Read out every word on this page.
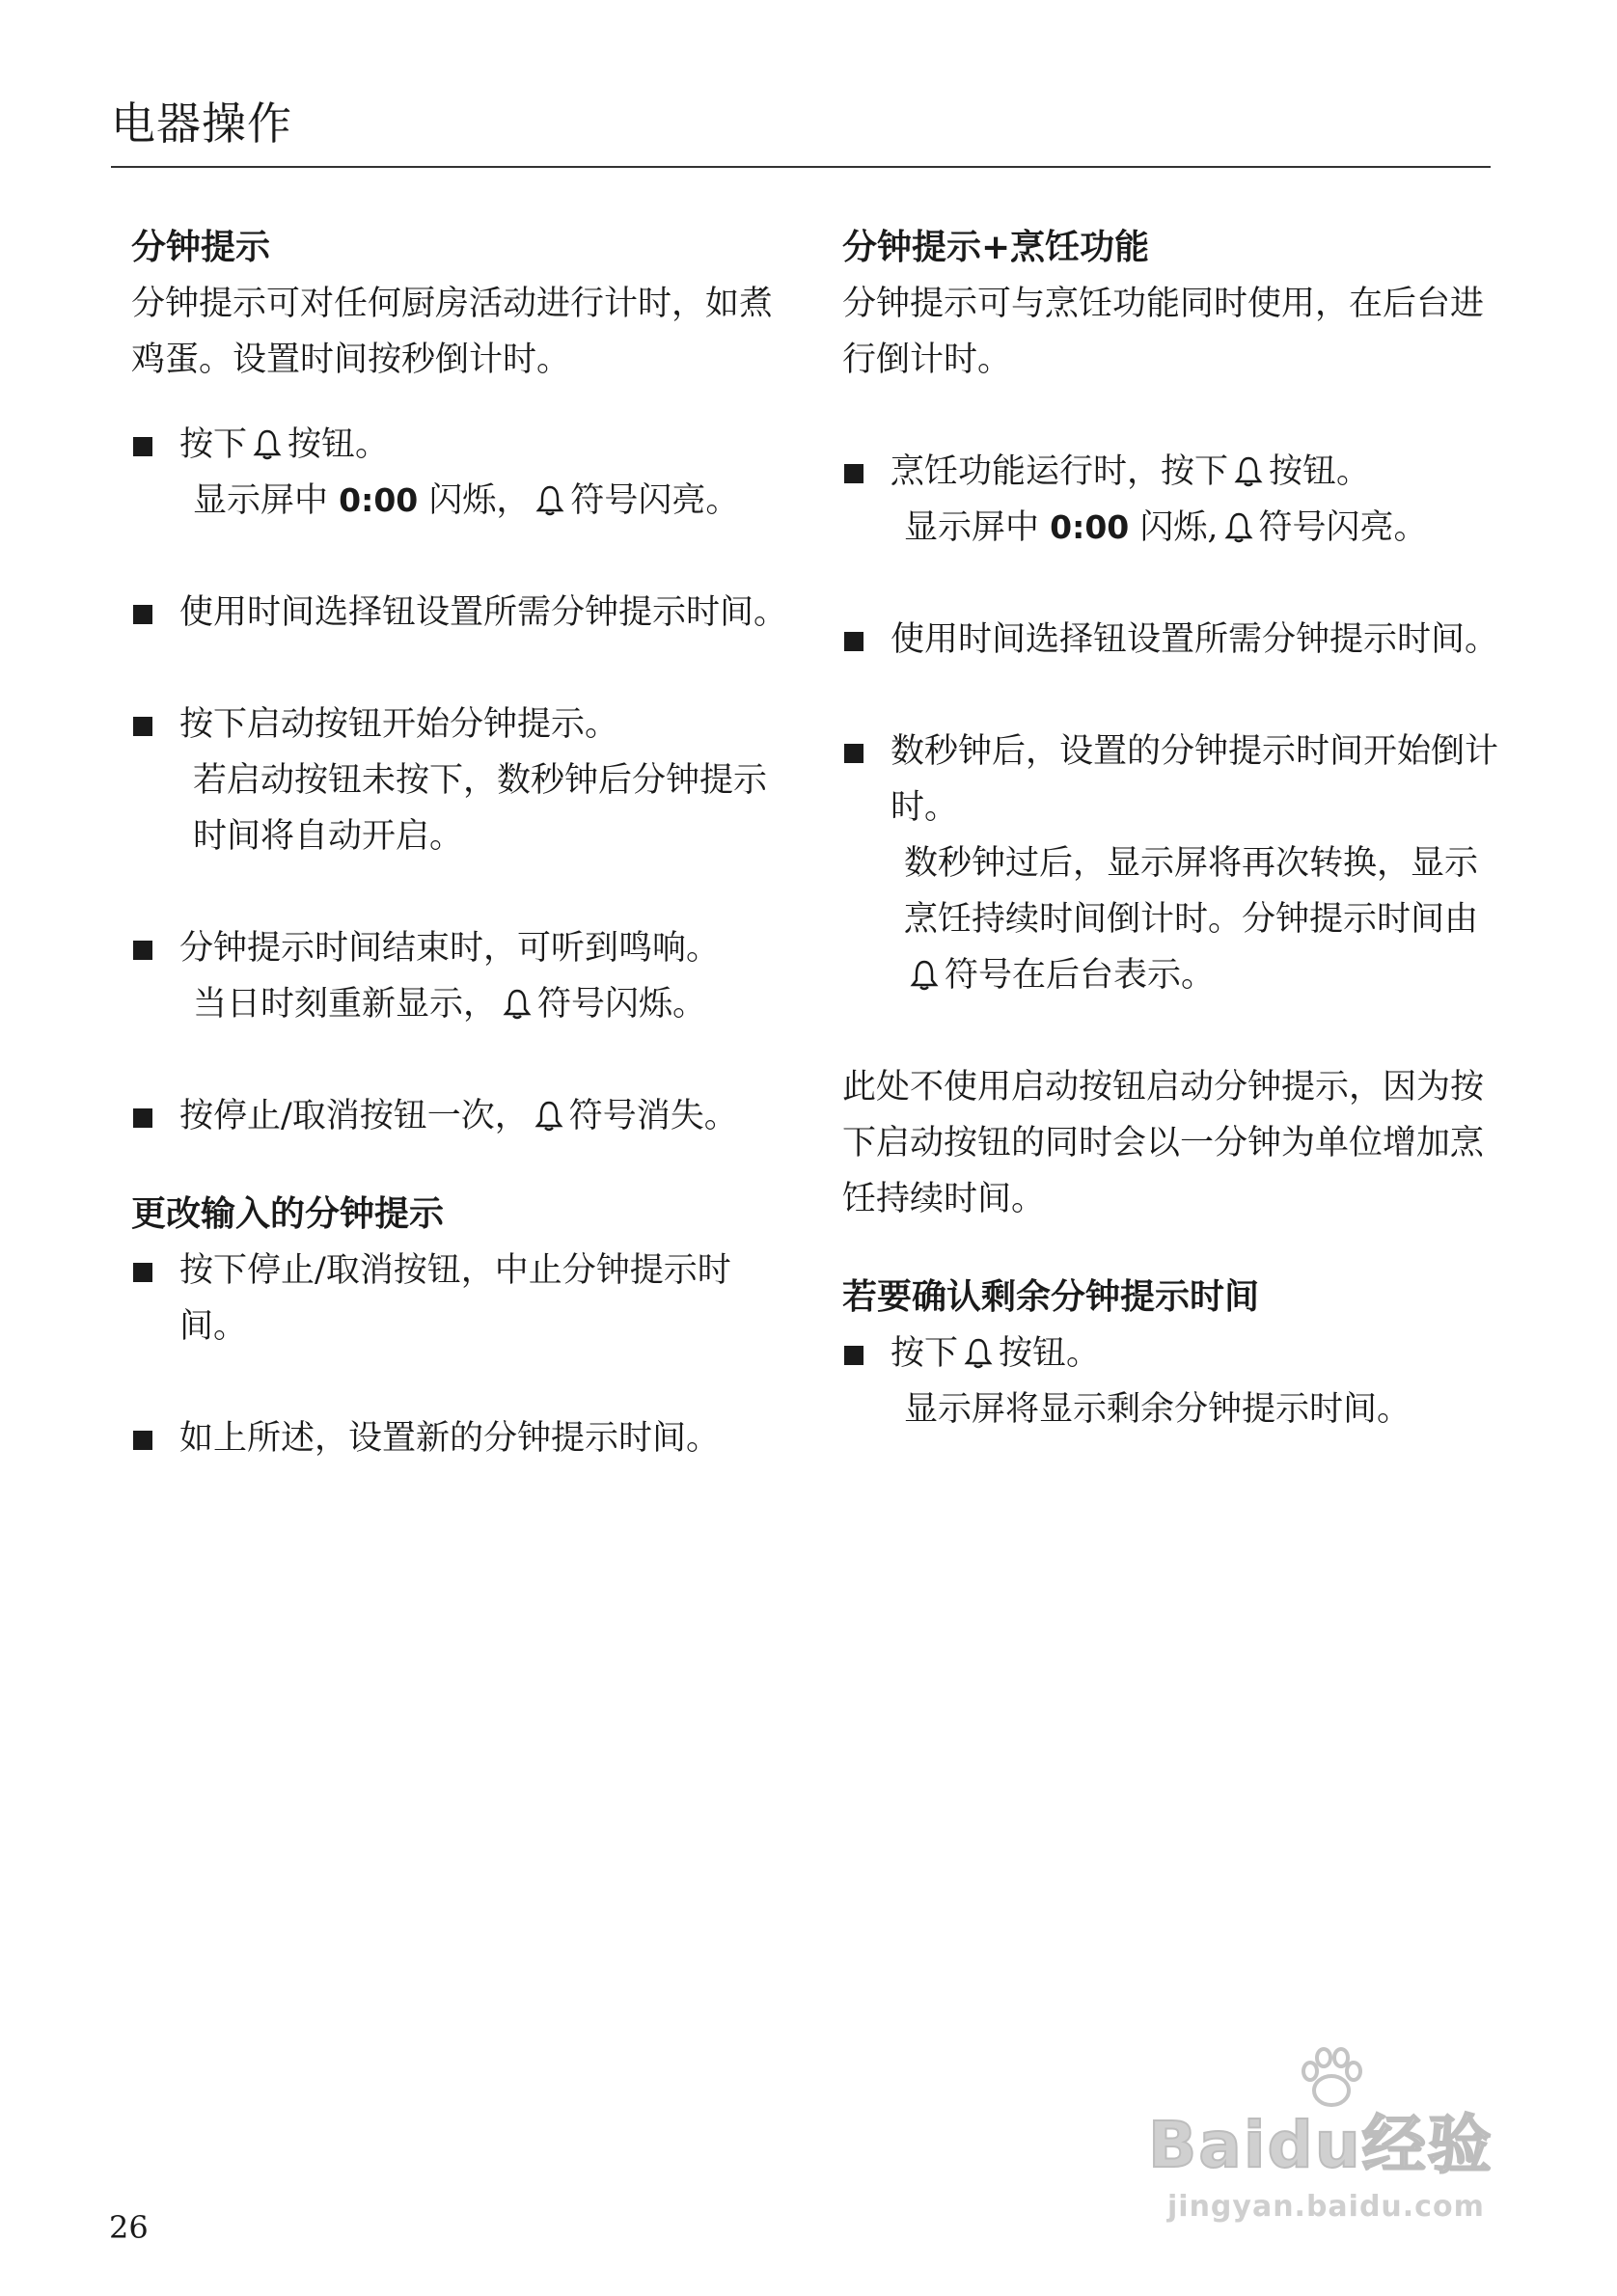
电器操作
分钟提示

分钟提示可对任何厨房活动进行计时，如煮鸡蛋。设置时间按秒倒计时。

按下 按钮。
显示屏中 0:00 闪烁， 符号闪亮。
使用时间选择钮设置所需分钟提示时间。
按下启动按钮开始分钟提示。
若启动按钮未按下，数秒钟后分钟提示时间将自动开启。
分钟提示时间结束时，可听到鸣响。
当日时刻重新显示， 符号闪烁。
按停止/取消按钮一次， 符号消失。
更改输入的分钟提示
按下停止/取消按钮，中止分钟提示时间。
如上所述，设置新的分钟提示时间。
分钟提示+烹饪功能

分钟提示可与烹饪功能同时使用，在后台进行倒计时。

烹饪功能运行时，按下 按钮。
显示屏中 0:00 闪烁, 符号闪亮。
使用时间选择钮设置所需分钟提示时间。
数秒钟后，设置的分钟提示时间开始倒计时。
数秒钟过后，显示屏将再次转换，显示烹饪持续时间倒计时。分钟提示时间由符号在后台表示。

此处不使用启动按钮启动分钟提示，因为按下启动按钮的同时会以一分钟为单位增加烹饪持续时间。

若要确认剩余分钟提示时间
按下 按钮。
显示屏将显示剩余分钟提示时间。
26
Baidu经验
jingyan.baidu.com
